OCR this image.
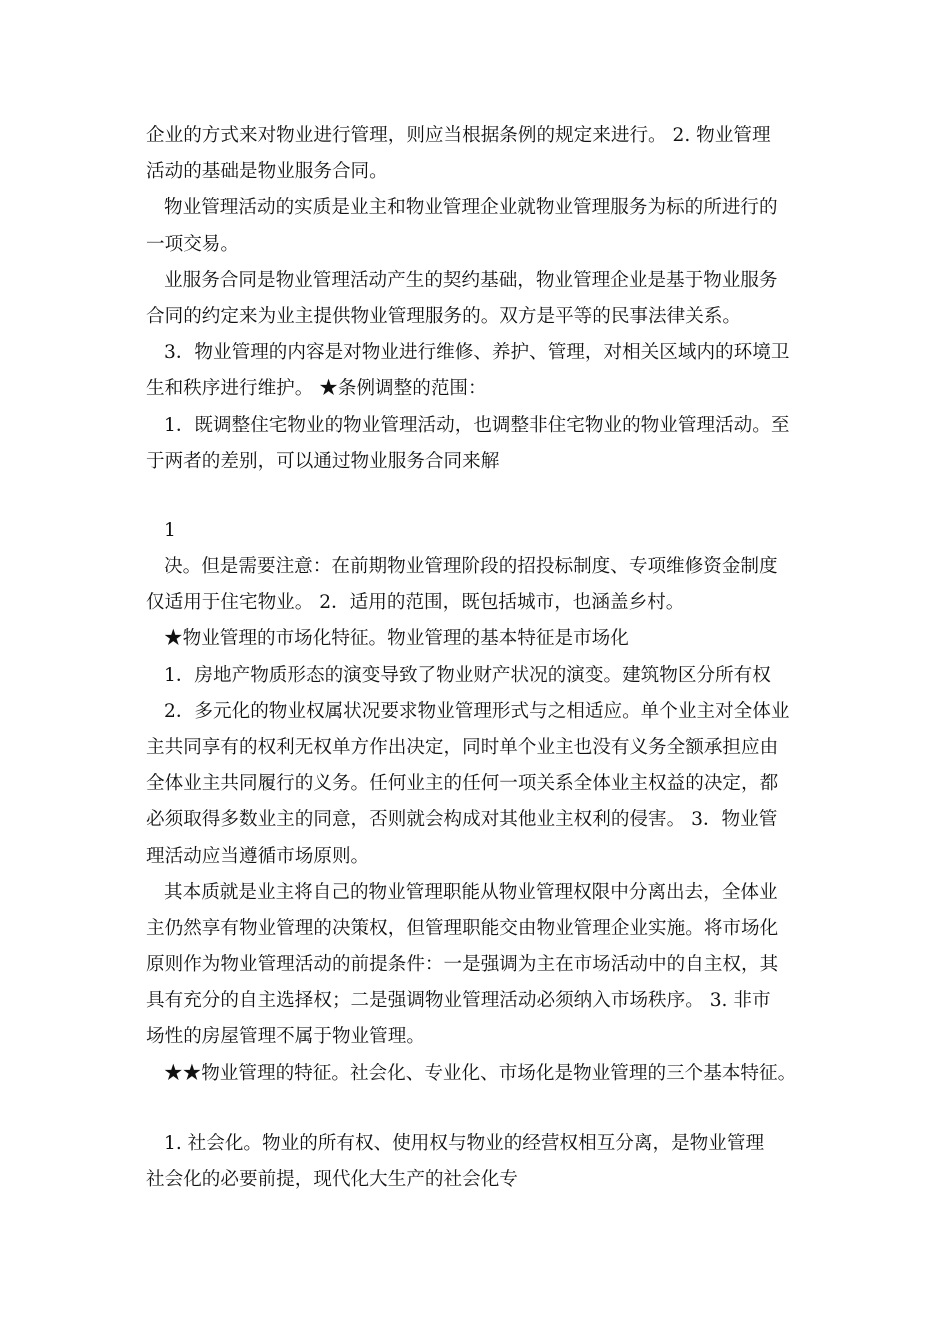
企业的方式来对物业进行管理，则应当根据条例的规定来进行。 2. 物业管理
活动的基础是物业服务合同。
物业管理活动的实质是业主和物业管理企业就物业管理服务为标的所进行的
一项交易。
业服务合同是物业管理活动产生的契约基础，物业管理企业是基于物业服务
合同的约定来为业主提供物业管理服务的。双方是平等的民事法律关系。
3．物业管理的内容是对物业进行维修、养护、管理，对相关区域内的环境卫
生和秩序进行维护。 ★条例调整的范围：
1．既调整住宅物业的物业管理活动，也调整非住宅物业的物业管理活动。至
于两者的差别，可以通过物业服务合同来解
1
决。但是需要注意：在前期物业管理阶段的招投标制度、专项维修资金制度
仅适用于住宅物业。 2．适用的范围，既包括城市，也涵盖乡村。
★物业管理的市场化特征。物业管理的基本特征是市场化
1．房地产物质形态的演变导致了物业财产状况的演变。建筑物区分所有权
2．多元化的物业权属状况要求物业管理形式与之相适应。单个业主对全体业
主共同享有的权利无权单方作出决定，同时单个业主也没有义务全额承担应由
全体业主共同履行的义务。任何业主的任何一项关系全体业主权益的决定，都
必须取得多数业主的同意，否则就会构成对其他业主权利的侵害。 3．物业管
理活动应当遵循市场原则。
其本质就是业主将自己的物业管理职能从物业管理权限中分离出去，全体业
主仍然享有物业管理的决策权，但管理职能交由物业管理企业实施。将市场化
原则作为物业管理活动的前提条件：一是强调为主在市场活动中的自主权，其
具有充分的自主选择权；二是强调物业管理活动必须纳入市场秩序。 3. 非市
场性的房屋管理不属于物业管理。
★★物业管理的特征。社会化、专业化、市场化是物业管理的三个基本特征。
1. 社会化。物业的所有权、使用权与物业的经营权相互分离，是物业管理
社会化的必要前提，现代化大生产的社会化专
